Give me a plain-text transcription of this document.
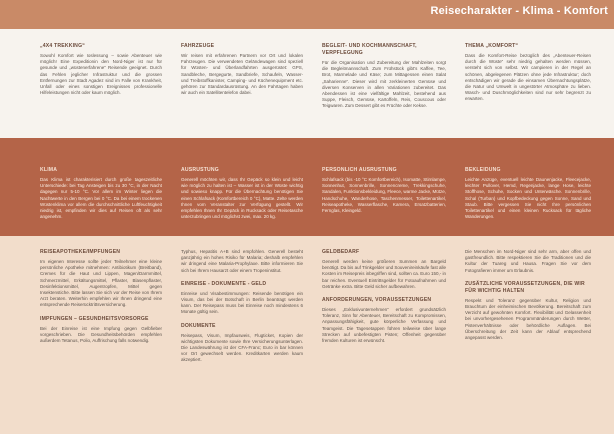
Reisecharakter - Klima - Komfort
„4X4 TREKKING“
Sowohl Komfort wie Ioslessung – sowie Abenteuer wie möglich! Eine Expeditionin den Nord-Niger ist nur für gesunde und „wüstenerfahrene“ Reisende geeignet. Durch das Fehlen jeglicher Infrastruktur und die grossen Entfernungen zur Stadt Agadez sind im Falle von Krankheit, Unfall oder eines sonstigen Ereignisses professionelle Hilfeleistungen nicht oder kaum möglich.
FAHRZEUGE
Wir reisen mit erfahrenen Partnern vor Ort und lokalen Fahrzeugen. Die verwendeten Geländewagen sind speziell für Wüsten- und Überlandfahrten ausgerüstet: GPS, Sandbleche, Bergegurte, Sandbriefe, Schaufeln, Wasser- und Treibstoffkanister, Camping- und Küchenequipment etc. gehören zur Standardausrüstung. An den Fahrtagen haben wir auch ein Satellitentelefon dabei.
BEGLEIT- UND KOCHMANNSCHAFT, VERPFLEGUNG
Für die Organisation und Zubereitung der Mahlzeiten sorgt die Begleitmannschaft. Zum Frühstück gibt’s Kaffee, Tee, Brot, Marmelade und Käse; zum Mittagessen einen Salat „Saharienne“. Dieser wird mit zerkleinerten Gemüse und diversen Konserven in allen Variationen zubereitet. Das Abendessen ist eine vielfältige Mahlzeit, bestehend aus Suppe, Fleisch, Gemüse, Kartoffeln, Reis, Couscous oder Teigwaren. Zum Dessert gibt es Früchte oder Kekse.
THEMA „KOMFORT“
Dass die Komfort-Reise bezüglich des „Abenteuer-Reisen durch die Wüste“ sehr niedrig gehalten werden müssen, versteht sich von selbst. Wir campieren in der Regel an schönen, abgelegenen Plätzen ohne jede Infrastruktur; doch entschädigen wir gerade die einsamen Übernachtungsplätze, die Natur und Umwelt in ungestörter Atmosphäre zu lieben. Wasch- und Duschmöglichkeiten sind nur sehr begrenzt zu erwarten.
KLIMA
Das Klima ist charakterisiert durch große tageszeitliche Unterschiede: bei Tag Ansteigen bis zu 30 °C, in der Nacht dagegen nur 5-10 °C. Vor allem im Winter liegen die Nachtwerte in den Bergen bei 0 °C. Da bei einem trockenen Wüstenklima vor allem die durchschnittliche Luftfeuchtigkeit niedrig ist, empfinden wir dies auf Reisen oft als sehr angenehm.
AUSRÜSTUNG
Generell möchten wir, dass Ihr Gepäck so klein und leicht wie möglich zu halten ist – Wasser ist in der Wüste wichtig und sowieso knapp. Für die Übernachtung benötigen Sie einen Schlafsack (Komfortbereich 0 °C), Matte. Zelte werden Ihnen vom Veranstalter zur Verfügung gestellt. Wir empfehlen Ihnen Ihr Gepäck in Rucksack oder Reisetasche unterzubringen und möglichst zwei, max. 20 kg.
PERSÖNLICH AUSRÜSTUNG
Schlafsack (bis -10 °C Komfortbereich), Isomatte, Stirnlampe, Sonnenhut, Sonnenbrille, Sonnencreme, Trekkingschuhe, Sandalen, Funktionsbekleidung, Fleece, warme Jacke, Mütze, Handschuhe, Wanderhose, Taschenmesser, Toilettenartikel, Reiseapotheke, Wasserflasche, Kamera, Ersatzbatterien, Fernglas, Kleingeld.
BEKLEIDUNG
Leichte Anzüge, eventuell leichte Daunenjacke, Fleecejacke, leichter Pullover, Hemd, Regenjacke, lange Hose, leichte Stoffhose, Schuhe, Socken und Unterwäsche. Sonnenbrille, Schal (Turban) und Kopfbedeckung gegen Sonne, Sand und Staub. Bitte vergessen Sie nicht Ihre persönlichen Toilettenartikel und einen kleinen Rucksack für tägliche Wanderungen.
REISEAPOTHEKE/IMPFUNGEN
Im eigenen Interesse sollte jeder Teilnehmer eine kleine persönliche Apotheke mitnehmen: Antibiotikum (Breitband), Cremes für die Haut und Lippen, Magen/Darmmittel, Schmerzmittel, Erkältungsmittel, Pflaster, Blasenpflaster, Desinfektionsmittel, Augentropfen, Mittel gegen Insektenstiche. Bitte lassen Sie sich vor der Reise von Ihrem Arzt beraten. Weiterhin empfehlen wir Ihnen dringend eine entsprechende Reiserücktrittsversicherung.
IMPFUNGEN – GESUNDHEITSVORSORGE
Bei der Einreise ist eine Impfung gegen Gelbfieber vorgeschrieben. Die Gesundheitsbehörden empfehlen außerdem Tetanus, Polio, Auffrischung falls notwendig.
Typhus, Hepatitis A+B sind empfohlen. Generell besteht ganzjährig ein hohes Risiko für Malaria; deshalb empfehlen wir dringend eine Malaria-Prophylaxe. Bitte informieren Sie sich bei Ihrem Hausarzt oder einem Tropeninstitut.
EINREISE - DOKUMENTE - GELD
Einreise und Visabestimmungen: Reisende benötigen ein Visum, das bei der Botschaft in Berlin beantragt werden kann. Der Reisepass muss bei Einreise noch mindestens 6 Monate gültig sein.
DOKUMENTE
Reisepass, Visum, Impfausweis, Flugticket, Kopien der wichtigsten Dokumente sowie Ihre Versicherungsunterlagen. Die Landeswährung ist der CFA-Franc; Euro in bar können vor Ort gewechselt werden. Kreditkarten werden kaum akzeptiert.
GELDBEDARF
Generell werden keine größeren Summen an Bargeld benötigt. Da bis auf Trinkgelder und Souvenireinkäufe fast alle Kosten im Reisepreis inbegriffen sind, sollten ca. Euro 150,- in bar reichen. Eventuell Eintrittsgelder für Fotoaufnahmen und Getränke extra. Bitte Geld sicher aufbewahren.
ANFORDERUNGEN, VORAUSSETZUNGEN
Dieses „Exklusivunternehmen“ erfordert grundsätzlich Toleranz, Sinn für Abenteuer, Bereitschaft zu Kompromissen, Anpassungsfähigkeit, gute körperliche Verfassung und Teamgeist. Die Tagesetappen führen teilweise über lange Strecken auf unbefestigten Pisten; Offenheit gegenüber fremden Kulturen ist erwünscht.
Die Menschen im Nord-Niger sind sehr arm, aber offen und gastfreundlich. Bitte respektieren Sie die Traditionen und die Kultur der Tuareg und Hausa. Fragen Sie vor dem Fotografieren immer um Erlaubnis.
ZUSÄTZLICHE VORAUSSETZUNGEN, DIE WIR FÜR WICHTIG HALTEN
Respekt und Toleranz gegenüber Kultur, Religion und Brauchtum der einheimischen Bevölkerung. Bereitschaft zum Verzicht auf gewohnten Komfort. Flexibilität und Gelassenheit bei unvorhergesehenen Programmänderungen durch Wetter, Pistenverhältnisse oder behördliche Auflagen. Bei Überschreitung der Zeit kann der Ablauf entsprechend angepasst werden.
